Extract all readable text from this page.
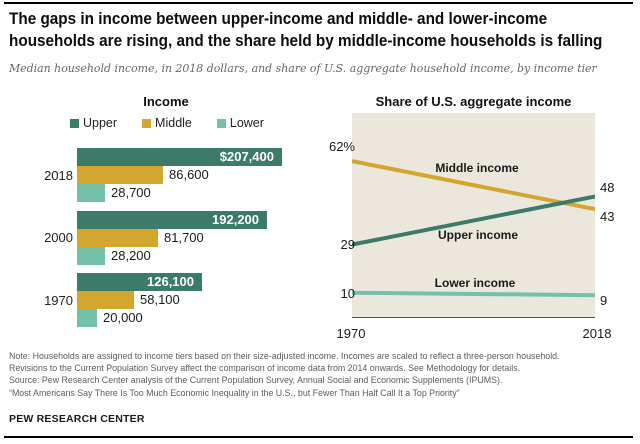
The gaps in income between upper-income and middle- and lower-income
households are rising, and the share held by middle-income households is falling

Median household income, in 2018 dollars, and share of U.S. aggregate household income, by income tier

Income
Upper	Middle	Lower
2018
$207,400
86,600
28,700
2000
192,200
81,700
28,200
1970
126,100
58,100
20,000
Share of U.S. aggregate income
Middle income
62%
43
Upper income
29
48
Lower income
10
9
1970	2018
Note: Households are assigned to income tiers based on their size-adjusted income. Incomes are scaled to reflect a three-person household.
Revisions to the Current Population Survey affect the comparison of income data from 2014 onwards. See Methodology for details.
Source: Pew Research Center analysis of the Current Population Survey, Annual Social and Economic Supplements (IPUMS).
“Most Americans Say There Is Too Much Economic Inequality in the U.S., but Fewer Than Half Call It a Top Priority”
PEW RESEARCH CENTER
